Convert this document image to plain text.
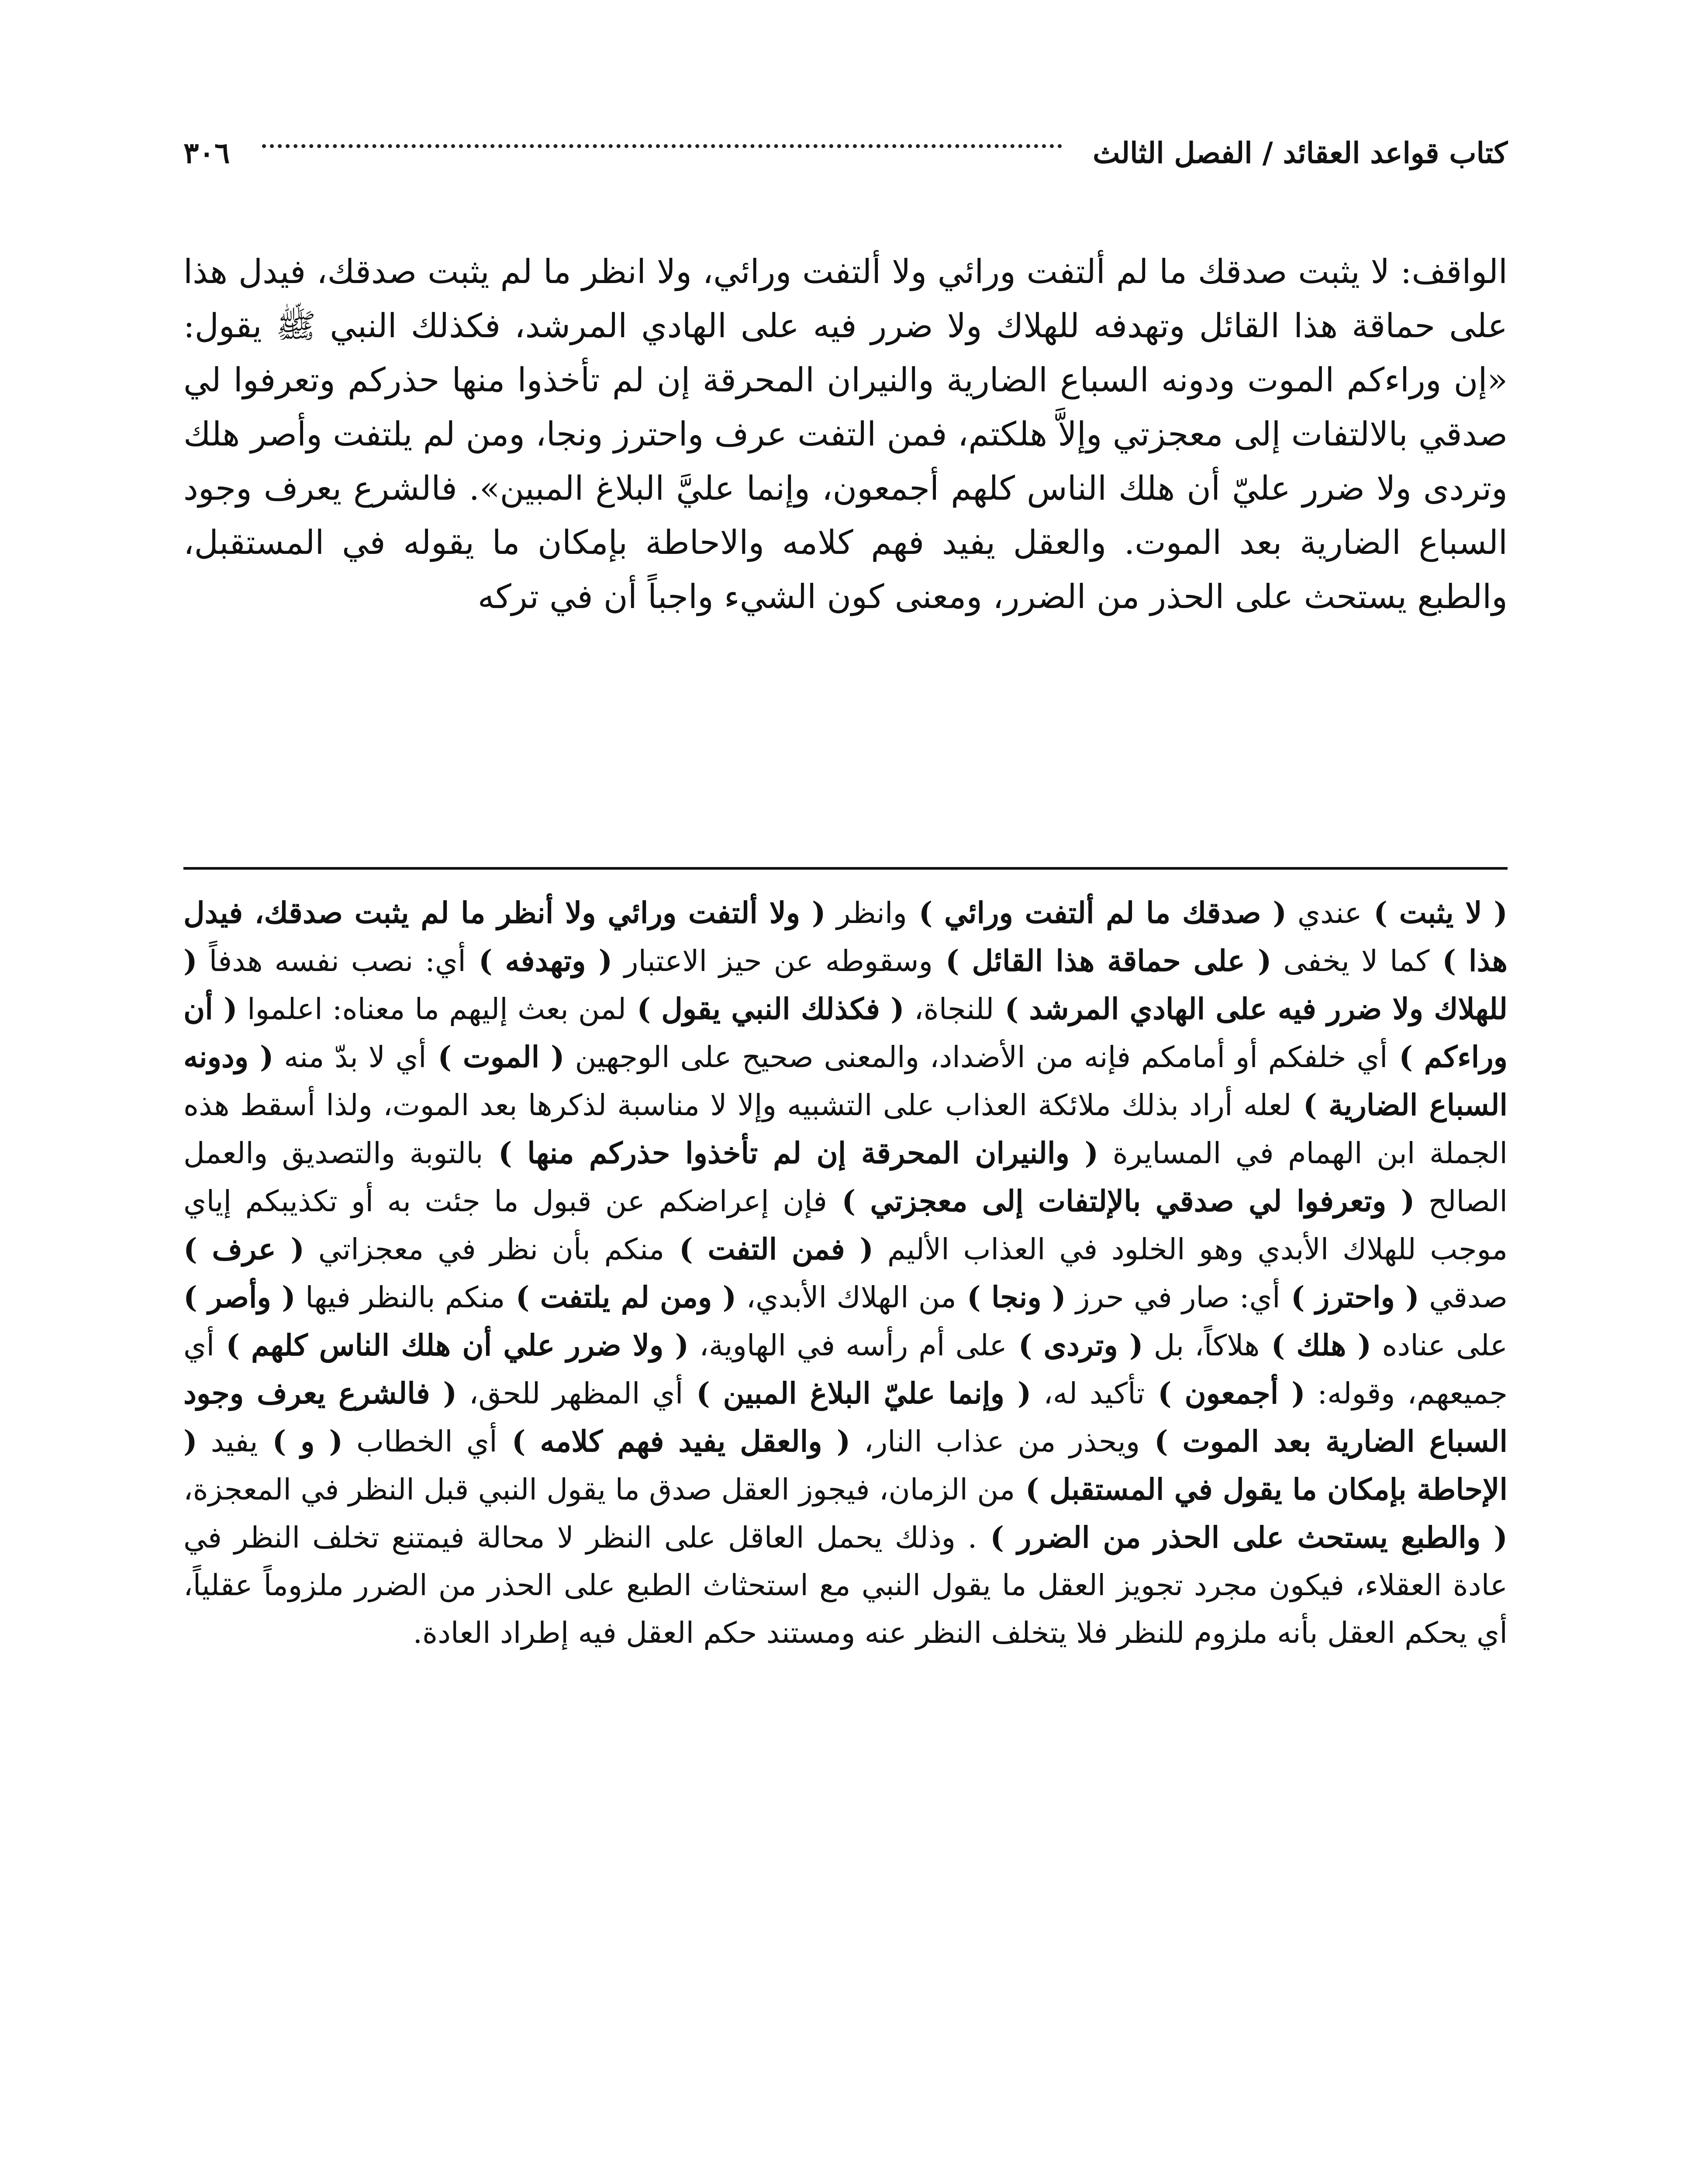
كتاب قواعد العقائد / الفصل الثالث
٣٠٦

الواقف: لا يثبت صدقك ما لم ألتفت ورائي ولا ألتفت ورائي، ولا انظر ما لم يثبت صدقك، فيدل هذا على حماقة هذا القائل وتهدفه للهلاك ولا ضرر فيه على الهادي المرشد، فكذلك النبي ﷺ يقول: «إن وراءكم الموت ودونه السباع الضارية والنيران المحرقة إن لم تأخذوا منها حذركم وتعرفوا لي صدقي بالالتفات إلى معجزتي وإلاَّ هلكتم، فمن التفت عرف واحترز ونجا، ومن لم يلتفت وأصر هلك وتردى ولا ضرر عليّ أن هلك الناس كلهم أجمعون، وإنما عليَّ البلاغ المبين». فالشرع يعرف وجود السباع الضارية بعد الموت. والعقل يفيد فهم كلامه والاحاطة بإمكان ما يقوله في المستقبل، والطبع يستحث على الحذر من الضرر، ومعنى كون الشيء واجباً أن في تركه

( لا يثبت ) عندي ( صدقك ما لم ألتفت ورائي ) وانظر ( ولا ألتفت ورائي ولا أنظر ما لم يثبت صدقك، فيدل هذا ) كما لا يخفى ( على حماقة هذا القائل ) وسقوطه عن حيز الاعتبار ( وتهدفه ) أي: نصب نفسه هدفاً ( للهلاك ولا ضرر فيه على الهادي المرشد ) للنجاة، ( فكذلك النبي يقول ) لمن بعث إليهم ما معناه: اعلموا ( أن وراءكم ) أي خلفكم أو أمامكم فإنه من الأضداد، والمعنى صحيح على الوجهين ( الموت ) أي لا بدّ منه ( ودونه السباع الضارية ) لعله أراد بذلك ملائكة العذاب على التشبيه وإلا لا مناسبة لذكرها بعد الموت، ولذا أسقط هذه الجملة ابن الهمام في المسايرة ( والنيران المحرقة إن لم تأخذوا حذركم منها ) بالتوبة والتصديق والعمل الصالح ( وتعرفوا لي صدقي بالإلتفات إلى معجزتي ) فإن إعراضكم عن قبول ما جئت به أو تكذيبكم إياي موجب للهلاك الأبدي وهو الخلود في العذاب الأليم ( فمن التفت ) منكم بأن نظر في معجزاتي ( عرف ) صدقي ( واحترز ) أي: صار في حرز ( ونجا ) من الهلاك الأبدي، ( ومن لم يلتفت ) منكم بالنظر فيها ( وأصر ) على عناده ( هلك ) هلاكاً، بل ( وتردى ) على أم رأسه في الهاوية، ( ولا ضرر علي أن هلك الناس كلهم ) أي جميعهم، وقوله: ( أجمعون ) تأكيد له، ( وإنما عليّ البلاغ المبين ) أي المظهر للحق، ( فالشرع يعرف وجود السباع الضارية بعد الموت ) ويحذر من عذاب النار، ( والعقل يفيد فهم كلامه ) أي الخطاب ( و ) يفيد ( الإحاطة بإمكان ما يقول في المستقبل ) من الزمان، فيجوز العقل صدق ما يقول النبي قبل النظر في المعجزة، ( والطبع يستحث على الحذر من الضرر ) . وذلك يحمل العاقل على النظر لا محالة فيمتنع تخلف النظر في عادة العقلاء، فيكون مجرد تجويز العقل ما يقول النبي مع استحثاث الطبع على الحذر من الضرر ملزوماً عقلياً، أي يحكم العقل بأنه ملزوم للنظر فلا يتخلف النظر عنه ومستند حكم العقل فيه إطراد العادة.
